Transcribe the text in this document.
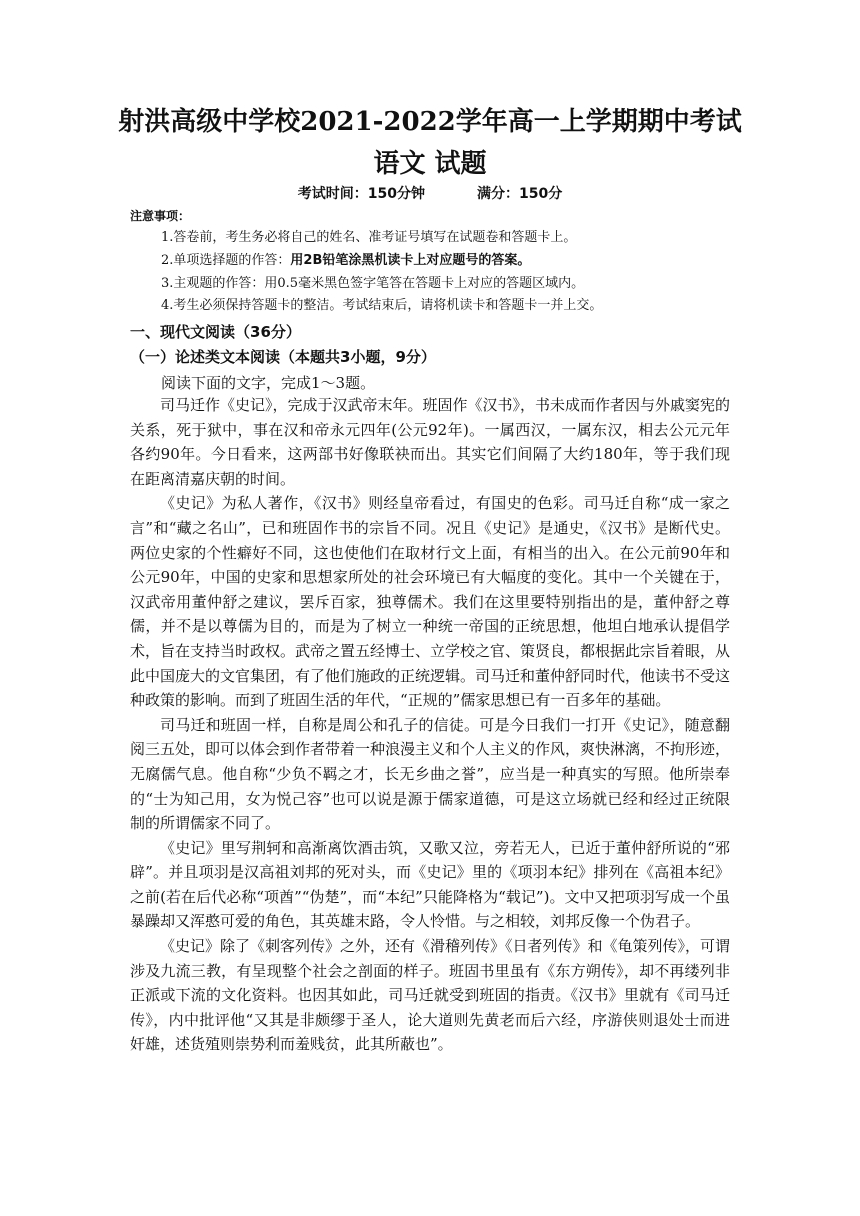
射洪高级中学校2021-2022学年高一上学期期中考试
语文 试题
考试时间：150分钟	满分：150分
注意事项：
1.答卷前，考生务必将自己的姓名、准考证号填写在试题卷和答题卡上。
2.单项选择题的作答：用2B铅笔涂黑机读卡上对应题号的答案。
3.主观题的作答：用0.5毫米黑色签字笔答在答题卡上对应的答题区域内。
4.考生必须保持答题卡的整洁。考试结束后，请将机读卡和答题卡一并上交。
一、现代文阅读（36分）
（一）论述类文本阅读（本题共3小题，9分）
阅读下面的文字，完成1～3题。

司马迁作《史记》，完成于汉武帝末年。班固作《汉书》，书未成而作者因与外戚窦宪的关系，死于狱中，事在汉和帝永元四年(公元92年)。一属西汉，一属东汉，相去公元元年各约90年。今日看来，这两部书好像联袂而出。其实它们间隔了大约180年，等于我们现在距离清嘉庆朝的时间。

《史记》为私人著作，《汉书》则经皇帝看过，有国史的色彩。司马迁自称“成一家之言”和“藏之名山”，已和班固作书的宗旨不同。况且《史记》是通史，《汉书》是断代史。两位史家的个性癖好不同，这也使他们在取材行文上面，有相当的出入。在公元前90年和公元90年，中国的史家和思想家所处的社会环境已有大幅度的变化。其中一个关键在于，汉武帝用董仲舒之建议，罢斥百家，独尊儒术。我们在这里要特别指出的是，董仲舒之尊儒，并不是以尊儒为目的，而是为了树立一种统一帝国的正统思想，他坦白地承认提倡学术，旨在支持当时政权。武帝之置五经博士、立学校之官、策贤良，都根据此宗旨着眼，从此中国庞大的文官集团，有了他们施政的正统逻辑。司马迁和董仲舒同时代，他读书不受这种政策的影响。而到了班固生活的年代，“正规的”儒家思想已有一百多年的基础。

司马迁和班固一样，自称是周公和孔子的信徒。可是今日我们一打开《史记》，随意翻阅三五处，即可以体会到作者带着一种浪漫主义和个人主义的作风，爽快淋漓，不拘形迹，无腐儒气息。他自称“少负不羁之才，长无乡曲之誉”，应当是一种真实的写照。他所崇奉的“士为知己用，女为悦己容”也可以说是源于儒家道德，可是这立场就已经和经过正统限制的所谓儒家不同了。

《史记》里写荆轲和高渐离饮酒击筑，又歌又泣，旁若无人，已近于董仲舒所说的“邪辟”。并且项羽是汉高祖刘邦的死对头，而《史记》里的《项羽本纪》排列在《高祖本纪》之前(若在后代必称“项酋”“伪楚”，而“本纪”只能降格为“载记”)。文中又把项羽写成一个虽暴躁却又浑憨可爱的角色，其英雄末路，令人怜惜。与之相较，刘邦反像一个伪君子。

《史记》除了《刺客列传》之外，还有《滑稽列传》《日者列传》和《龟策列传》，可谓涉及九流三教，有呈现整个社会之剖面的样子。班固书里虽有《东方朔传》，却不再缕列非正派或下流的文化资料。也因其如此，司马迁就受到班固的指责。《汉书》里就有《司马迁传》，内中批评他“又其是非颇缪于圣人，论大道则先黄老而后六经，序游侠则退处士而进奸雄，述货殖则崇势利而羞贱贫，此其所蔽也”。
